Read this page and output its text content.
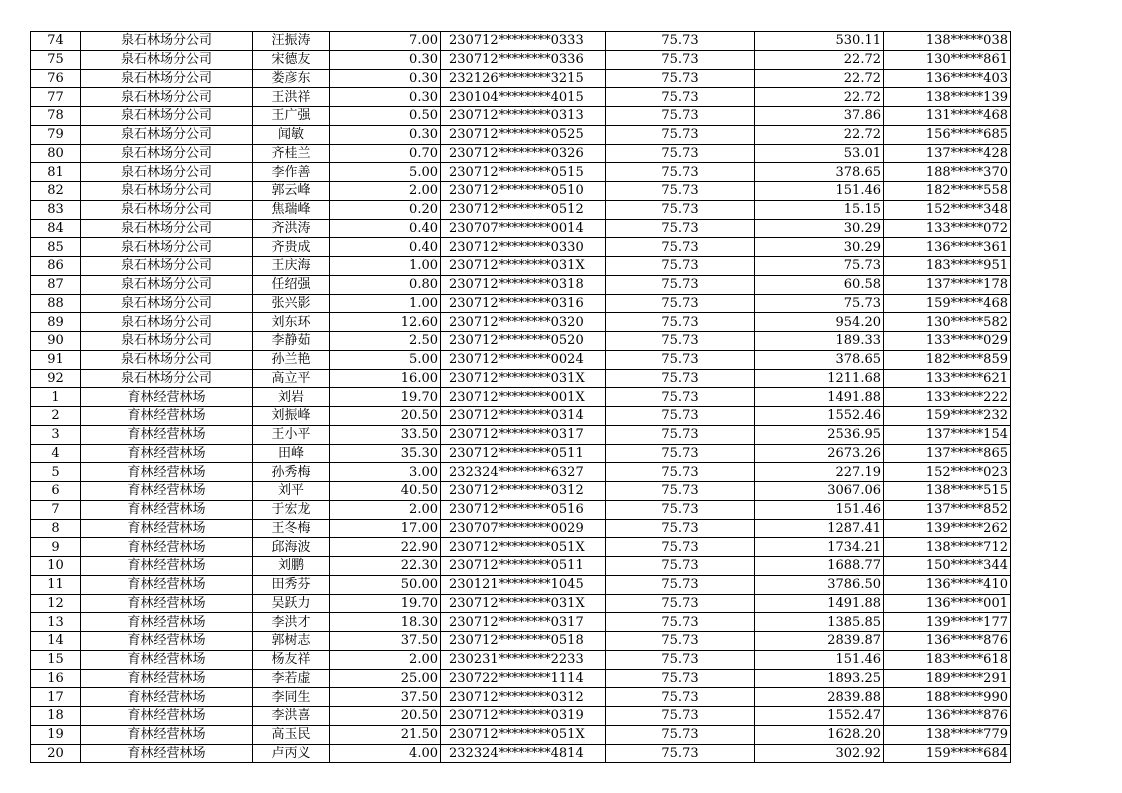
74	泉石林场分公司	汪振涛	7.00	230712********0333	75.73	530.11	138*****038
75	泉石林场分公司	宋德友	0.30	230712********0336	75.73	22.72	130*****861
76	泉石林场分公司	娄彦东	0.30	232126********3215	75.73	22.72	136*****403
77	泉石林场分公司	王洪祥	0.30	230104********4015	75.73	22.72	138*****139
78	泉石林场分公司	王广强	0.50	230712********0313	75.73	37.86	131*****468
79	泉石林场分公司	闻敏	0.30	230712********0525	75.73	22.72	156*****685
80	泉石林场分公司	齐桂兰	0.70	230712********0326	75.73	53.01	137*****428
81	泉石林场分公司	李作善	5.00	230712********0515	75.73	378.65	188*****370
82	泉石林场分公司	郭云峰	2.00	230712********0510	75.73	151.46	182*****558
83	泉石林场分公司	焦瑞峰	0.20	230712********0512	75.73	15.15	152*****348
84	泉石林场分公司	齐洪涛	0.40	230707********0014	75.73	30.29	133*****072
85	泉石林场分公司	齐贵成	0.40	230712********0330	75.73	30.29	136*****361
86	泉石林场分公司	王庆海	1.00	230712********031X	75.73	75.73	183*****951
87	泉石林场分公司	任绍强	0.80	230712********0318	75.73	60.58	137*****178
88	泉石林场分公司	张兴影	1.00	230712********0316	75.73	75.73	159*****468
89	泉石林场分公司	刘东环	12.60	230712********0320	75.73	954.20	130*****582
90	泉石林场分公司	李静茹	2.50	230712********0520	75.73	189.33	133*****029
91	泉石林场分公司	孙兰艳	5.00	230712********0024	75.73	378.65	182*****859
92	泉石林场分公司	高立平	16.00	230712********031X	75.73	1211.68	133*****621
1	育林经营林场	刘岩	19.70	230712********001X	75.73	1491.88	133*****222
2	育林经营林场	刘振峰	20.50	230712********0314	75.73	1552.46	159*****232
3	育林经营林场	王小平	33.50	230712********0317	75.73	2536.95	137*****154
4	育林经营林场	田峰	35.30	230712********0511	75.73	2673.26	137*****865
5	育林经营林场	孙秀梅	3.00	232324********6327	75.73	227.19	152*****023
6	育林经营林场	刘平	40.50	230712********0312	75.73	3067.06	138*****515
7	育林经营林场	于宏龙	2.00	230712********0516	75.73	151.46	137*****852
8	育林经营林场	王冬梅	17.00	230707********0029	75.73	1287.41	139*****262
9	育林经营林场	邱海波	22.90	230712********051X	75.73	1734.21	138*****712
10	育林经营林场	刘鹏	22.30	230712********0511	75.73	1688.77	150*****344
11	育林经营林场	田秀芬	50.00	230121********1045	75.73	3786.50	136*****410
12	育林经营林场	吴跃力	19.70	230712********031X	75.73	1491.88	136*****001
13	育林经营林场	李洪才	18.30	230712********0317	75.73	1385.85	139*****177
14	育林经营林场	郭树志	37.50	230712********0518	75.73	2839.87	136*****876
15	育林经营林场	杨友祥	2.00	230231********2233	75.73	151.46	183*****618
16	育林经营林场	李若虚	25.00	230722********1114	75.73	1893.25	189*****291
17	育林经营林场	李同生	37.50	230712********0312	75.73	2839.88	188*****990
18	育林经营林场	李洪喜	20.50	230712********0319	75.73	1552.47	136*****876
19	育林经营林场	高玉民	21.50	230712********051X	75.73	1628.20	138*****779
20	育林经营林场	卢丙义	4.00	232324********4814	75.73	302.92	159*****684
